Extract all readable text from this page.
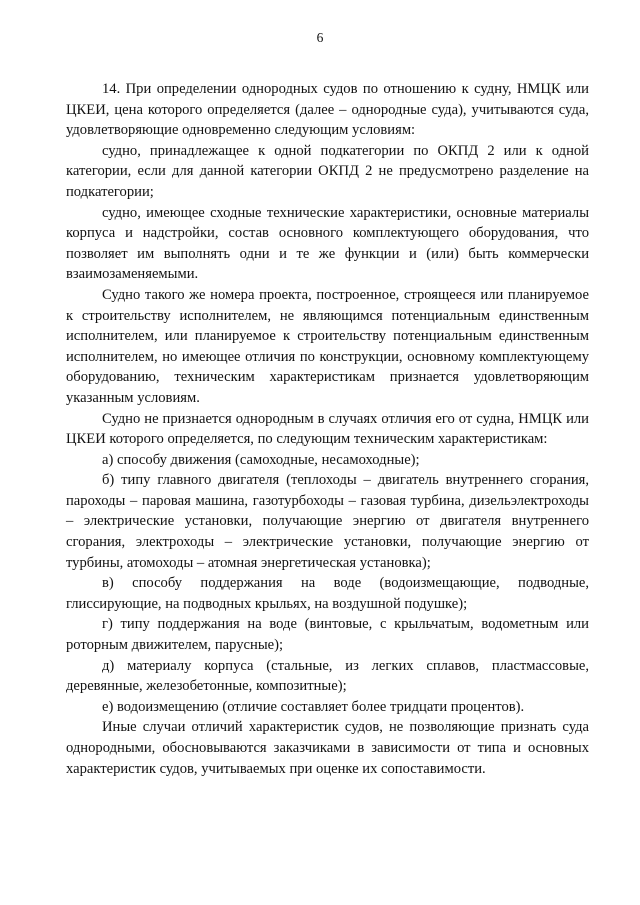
6

14. При определении однородных судов по отношению к судну, НМЦК или ЦКЕИ, цена которого определяется (далее – однородные суда), учитываются суда, удовлетворяющие одновременно следующим условиям:

судно, принадлежащее к одной подкатегории по ОКПД 2 или к одной категории, если для данной категории ОКПД 2 не предусмотрено разделение на подкатегории;

судно, имеющее сходные технические характеристики, основные материалы корпуса и надстройки, состав основного комплектующего оборудования, что позволяет им выполнять одни и те же функции и (или) быть коммерчески взаимозаменяемыми.

Судно такого же номера проекта, построенное, строящееся или планируемое к строительству исполнителем, не являющимся потенциальным единственным исполнителем, или планируемое к строительству потенциальным единственным исполнителем, но имеющее отличия по конструкции, основному комплектующему оборудованию, техническим характеристикам признается удовлетворяющим указанным условиям.

Судно не признается однородным в случаях отличия его от судна, НМЦК или ЦКЕИ которого определяется, по следующим техническим характеристикам:

а) способу движения (самоходные, несамоходные);

б) типу главного двигателя (теплоходы – двигатель внутреннего сгорания, пароходы – паровая машина, газотурбоходы – газовая турбина, дизельэлектроходы – электрические установки, получающие энергию от двигателя внутреннего сгорания, электроходы – электрические установки, получающие энергию от турбины, атомоходы – атомная энергетическая установка);

в) способу поддержания на воде (водоизмещающие, подводные, глиссирующие, на подводных крыльях, на воздушной подушке);

г) типу поддержания на воде (винтовые, с крыльчатым, водометным или роторным движителем, парусные);

д) материалу корпуса (стальные, из легких сплавов, пластмассовые, деревянные, железобетонные, композитные);

е) водоизмещению (отличие составляет более тридцати процентов).

Иные случаи отличий характеристик судов, не позволяющие признать суда однородными, обосновываются заказчиками в зависимости от типа и основных характеристик судов, учитываемых при оценке их сопоставимости.
